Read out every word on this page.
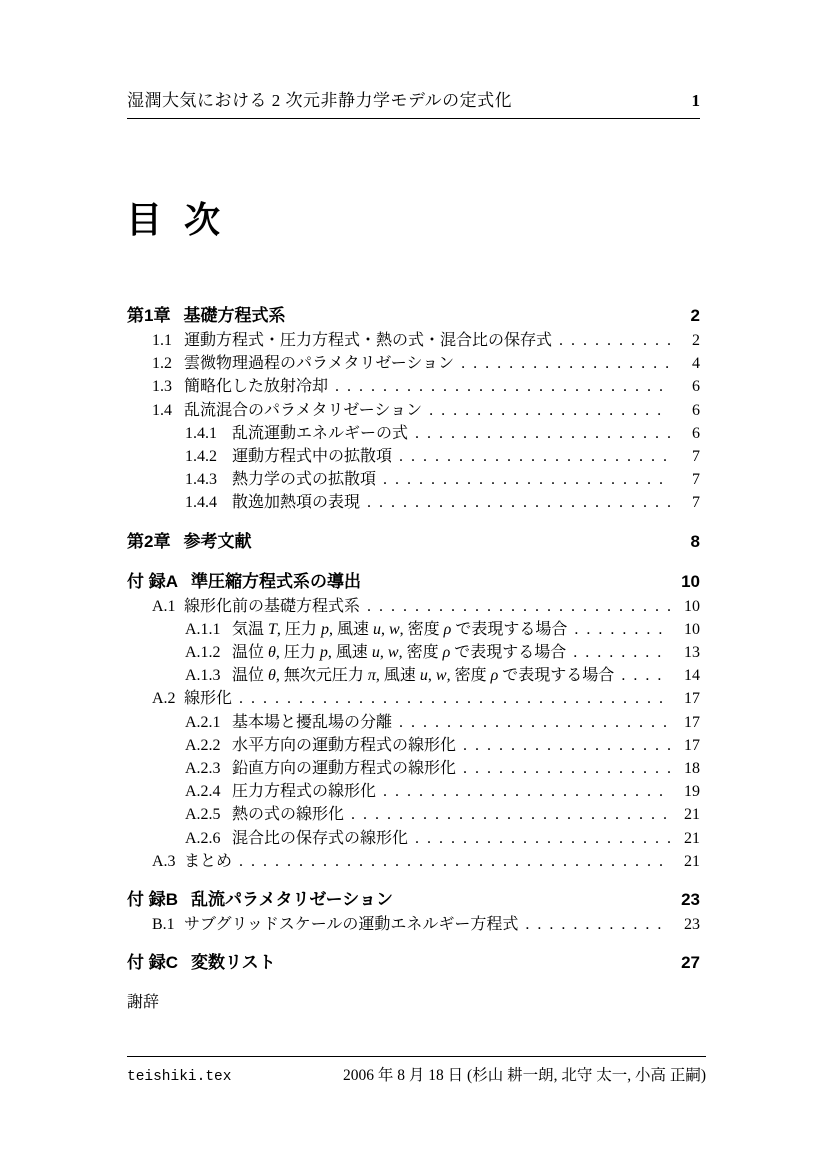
湿潤大気における 2 次元非静力学モデルの定式化	1
目 次
第1章 基礎方程式系	2
1.1 運動方程式・圧力方程式・熱の式・混合比の保存式 . . .	2
1.2 雲微物理過程のパラメタリゼーション . . .	4
1.3 簡略化した放射冷却 . . .	6
1.4 乱流混合のパラメタリゼーション . . .	6
1.4.1 乱流運動エネルギーの式 . . .	6
1.4.2 運動方程式中の拡散項 . . .	7
1.4.3 熱力学の式の拡散項 . . .	7
1.4.4 散逸加熱項の表現 . . .	7
第2章 参考文献	8
付 録A 準圧縮方程式系の導出	10
A.1 線形化前の基礎方程式系 . . .	10
A.1.1 気温 T, 圧力 p, 風速 u, w, 密度 ρ で表現する場合 . . .	10
A.1.2 温位 θ, 圧力 p, 風速 u, w, 密度 ρ で表現する場合 . . .	13
A.1.3 温位 θ, 無次元圧力 π, 風速 u, w, 密度 ρ で表現する場合 . . .	14
A.2 線形化 . . .	17
A.2.1 基本場と擾乱場の分離 . . .	17
A.2.2 水平方向の運動方程式の線形化 . . .	17
A.2.3 鉛直方向の運動方程式の線形化 . . .	18
A.2.4 圧力方程式の線形化 . . .	19
A.2.5 熱の式の線形化 . . .	21
A.2.6 混合比の保存式の線形化 . . .	21
A.3 まとめ . . .	21
付 録B 乱流パラメタリゼーション	23
B.1 サブグリッドスケールの運動エネルギー方程式 . . .	23
付 録C 変数リスト	27
謝辞
teishiki.tex	2006 年 8 月 18 日 (杉山 耕一朗, 北守 太一, 小高 正嗣)
